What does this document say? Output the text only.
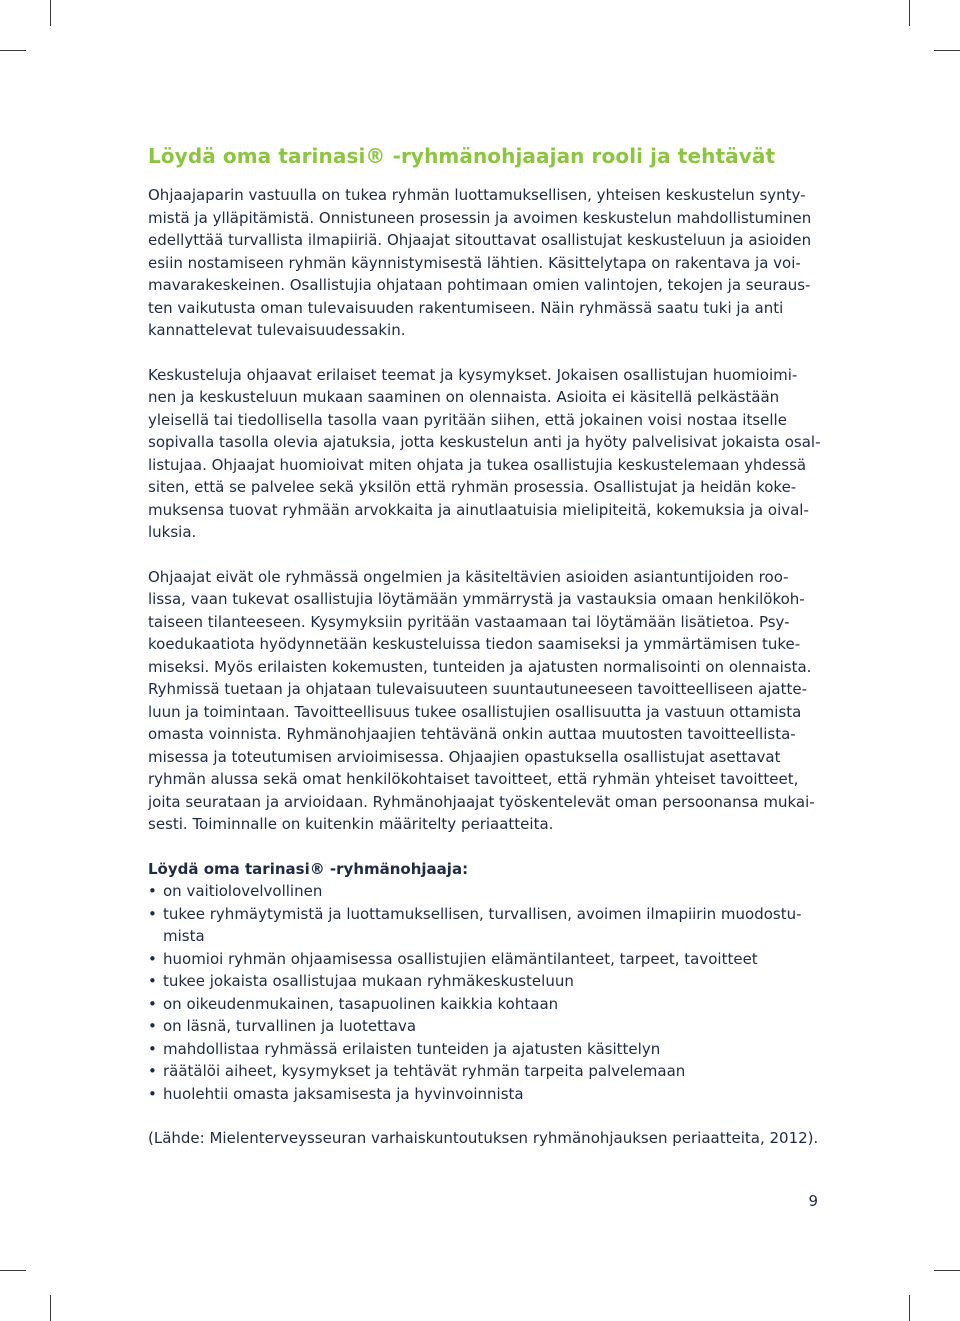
Löydä oma tarinasi® -ryhmänohjaajan rooli ja tehtävät

Ohjaajaparin vastuulla on tukea ryhmän luottamuksellisen, yhteisen keskustelun synty-
mistä ja ylläpitämistä. Onnistuneen prosessin ja avoimen keskustelun mahdollistuminen
edellyttää turvallista ilmapiiriä. Ohjaajat sitouttavat osallistujat keskusteluun ja asioiden
esiin nostamiseen ryhmän käynnistymisestä lähtien. Käsittelytapa on rakentava ja voi-
mavarakeskeinen. Osallistujia ohjataan pohtimaan omien valintojen, tekojen ja seuraus-
ten vaikutusta oman tulevaisuuden rakentumiseen. Näin ryhmässä saatu tuki ja anti
kannattelevat tulevaisuudessakin.

Keskusteluja ohjaavat erilaiset teemat ja kysymykset. Jokaisen osallistujan huomioimi-
nen ja keskusteluun mukaan saaminen on olennaista. Asioita ei käsitellä pelkästään
yleisellä tai tiedollisella tasolla vaan pyritään siihen, että jokainen voisi nostaa itselle
sopivalla tasolla olevia ajatuksia, jotta keskustelun anti ja hyöty palvelisivat jokaista osal-
listujaa. Ohjaajat huomioivat miten ohjata ja tukea osallistujia keskustelemaan yhdessä
siten, että se palvelee sekä yksilön että ryhmän prosessia. Osallistujat ja heidän koke-
muksensa tuovat ryhmään arvokkaita ja ainutlaatuisia mielipiteitä, kokemuksia ja oival-
luksia.

Ohjaajat eivät ole ryhmässä ongelmien ja käsiteltävien asioiden asiantuntijoiden roo-
lissa, vaan tukevat osallistujia löytämään ymmärrystä ja vastauksia omaan henkilökoh-
taiseen tilanteeseen. Kysymyksiin pyritään vastaamaan tai löytämään lisätietoa. Psy-
koedukaatiota hyödynnetään keskusteluissa tiedon saamiseksi ja ymmärtämisen tuke-
miseksi. Myös erilaisten kokemusten, tunteiden ja ajatusten normalisointi on olennaista.
Ryhmissä tuetaan ja ohjataan tulevaisuuteen suuntautuneeseen tavoitteelliseen ajatte-
luun ja toimintaan. Tavoitteellisuus tukee osallistujien osallisuutta ja vastuun ottamista
omasta voinnista. Ryhmänohjaajien tehtävänä onkin auttaa muutosten tavoitteellista-
misessa ja toteutumisen arvioimisessa. Ohjaajien opastuksella osallistujat asettavat
ryhmän alussa sekä omat henkilökohtaiset tavoitteet, että ryhmän yhteiset tavoitteet,
joita seurataan ja arvioidaan. Ryhmänohjaajat työskentelevät oman persoonansa mukai-
sesti. Toiminnalle on kuitenkin määritelty periaatteita.

Löydä oma tarinasi® -ryhmänohjaaja:

• on vaitiolovelvollinen
• tukee ryhmäytymistä ja luottamuksellisen, turvallisen, avoimen ilmapiirin muodostu-
mista
• huomioi ryhmän ohjaamisessa osallistujien elämäntilanteet, tarpeet, tavoitteet
• tukee jokaista osallistujaa mukaan ryhmäkeskusteluun
• on oikeudenmukainen, tasapuolinen kaikkia kohtaan
• on läsnä, turvallinen ja luotettava
• mahdollistaa ryhmässä erilaisten tunteiden ja ajatusten käsittelyn
• räätälöi aiheet, kysymykset ja tehtävät ryhmän tarpeita palvelemaan
• huolehtii omasta jaksamisesta ja hyvinvoinnista

(Lähde: Mielenterveysseuran varhaiskuntoutuksen ryhmänohjauksen periaatteita, 2012).

9
